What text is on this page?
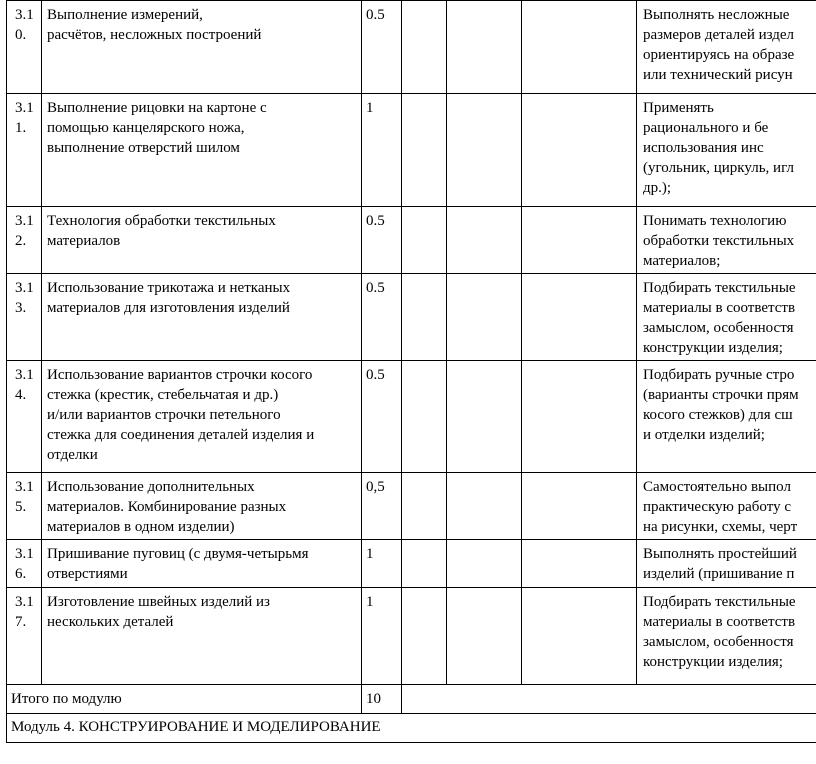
3.1
0.	Выполнение измерений,
расчётов, несложных построений	0.5				Выполнять несложные
размеров деталей издел
ориентируясь на образе
или технический рисун

3.1
1.	Выполнение рицовки на картоне с
помощью канцелярского ножа,
выполнение отверстий шилом	1				Применять
рационального и бе
использования инс
(угольник, циркуль, игл
др.);

3.1
2.	Технология обработки текстильных
материалов	0.5				Понимать технологию
обработки текстильных
материалов;

3.1
3.	Использование трикотажа и нетканых
материалов для изготовления изделий	0.5				Подбирать текстильные
материалы в соответств
замыслом, особенностя
конструкции изделия;

3.1
4.	Использование вариантов строчки косого
стежка (крестик, стебельчатая и др.)
и/или вариантов строчки петельного
стежка для соединения деталей изделия и
отделки	0.5				Подбирать ручные стро
(варианты строчки прям
косого стежков) для сш
и отделки изделий;

3.1
5.	Использование дополнительных
материалов. Комбинирование разных
материалов в одном изделии)	0,5				Самостоятельно выпол
практическую работу с
на рисунки, схемы, черт

3.1
6.	Пришивание пуговиц (с двумя-четырьмя
отверстиями	1				Выполнять простейший
изделий (пришивание п

3.1
7.	Изготовление швейных изделий из
нескольких деталей	1				Подбирать текстильные
материалы в соответств
замыслом, особенностя
конструкции изделия;

Итого по модулю		10				
Модуль 4. КОНСТРУИРОВАНИЕ И МОДЕЛИРОВАНИЕ						
